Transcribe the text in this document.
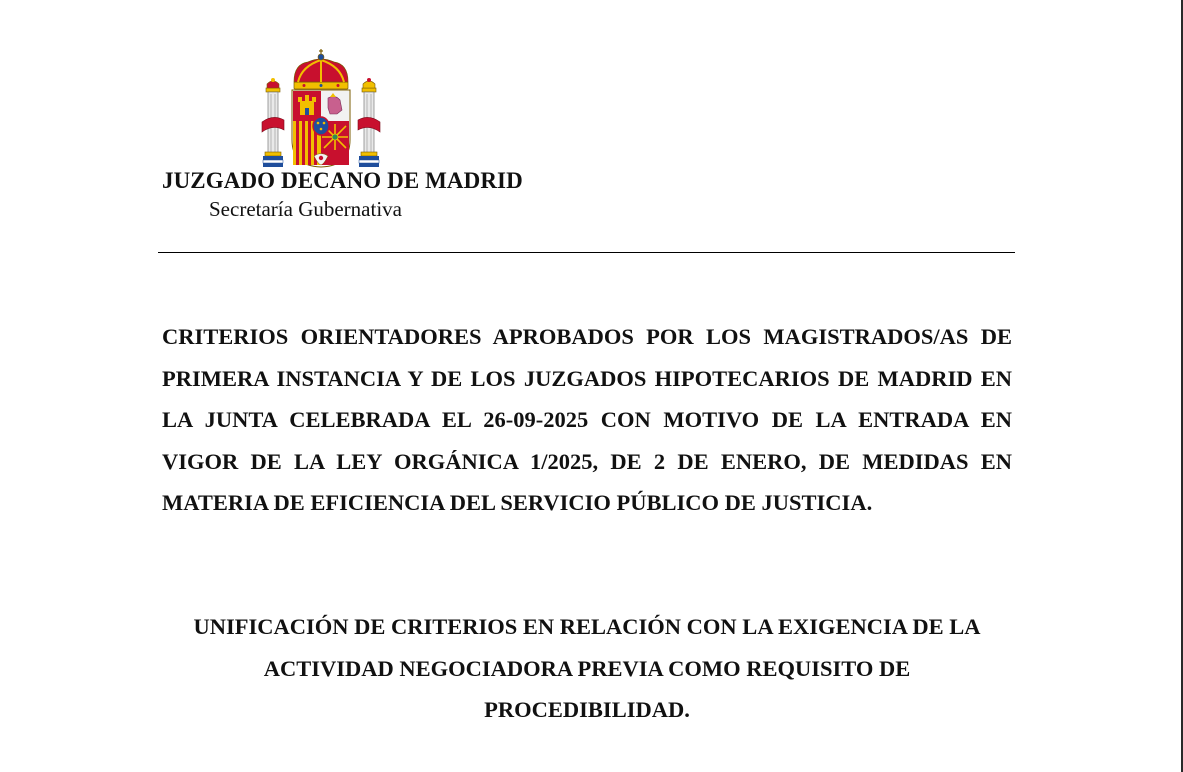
JUZGADO DECANO DE MADRID
Secretaría Gubernativa

CRITERIOS ORIENTADORES APROBADOS POR LOS MAGISTRADOS/AS DE PRIMERA INSTANCIA Y DE LOS JUZGADOS HIPOTECARIOS DE MADRID EN LA JUNTA CELEBRADA EL 26-09-2025 CON MOTIVO DE LA ENTRADA EN VIGOR DE LA LEY ORGÁNICA 1/2025, DE 2 DE ENERO, DE MEDIDAS EN MATERIA DE EFICIENCIA DEL SERVICIO PÚBLICO DE JUSTICIA.

UNIFICACIÓN DE CRITERIOS EN RELACIÓN CON LA EXIGENCIA DE LA ACTIVIDAD NEGOCIADORA PREVIA COMO REQUISITO DE PROCEDIBILIDAD.
